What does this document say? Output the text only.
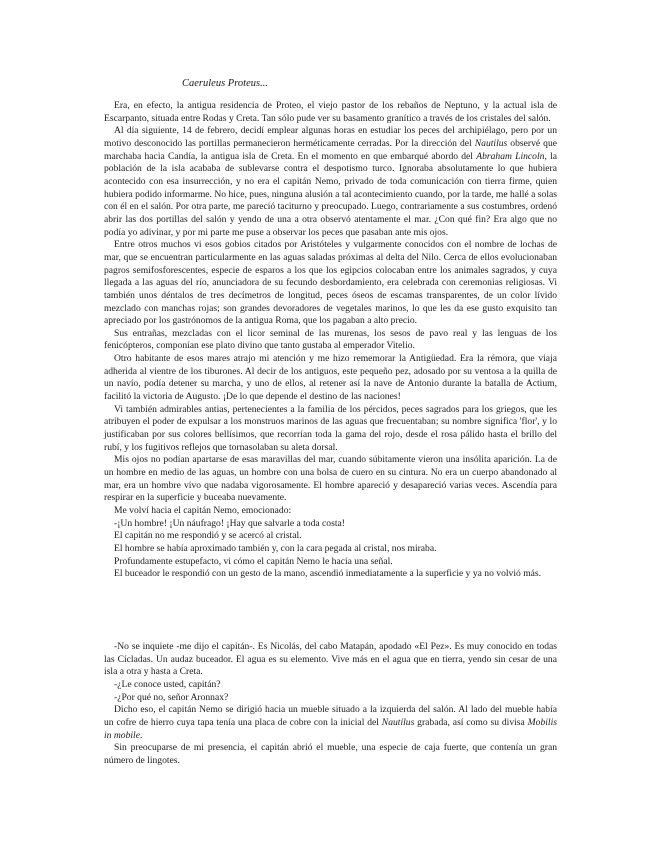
Caeruleus Proteus...

Era, en efecto, la antigua residencia de Proteo, el viejo pastor de los rebaños de Neptuno, y la actual isla de Escarpanto, situada entre Rodas y Creta. Tan sólo pude ver su basamento granítico a través de los cristales del salón.

Al día siguiente, 14 de febrero, decidí emplear algunas horas en estudiar los peces del archipiélago, pero por un motivo desconocido las portillas permanecieron herméticamente cerradas. Por la dirección del Nautilus observé que marchaba hacia Candía, la antigua isla de Creta. En el momento en que embarqué abordo del Abraham Lincoln, la población de la isla acababa de sublevarse contra el despotismo turco. Ignoraba absolutamente lo que hubiera acontecido con esa insurrección, y no era el capitán Nemo, privado de toda comunicación con tierra firme, quien hubiera podido informarme. No hice, pues, ninguna alusión a tal acontecimiento cuando, por la tarde, me hallé a solas con él en el salón. Por otra parte, me pareció taciturno y preocupado. Luego, contrariamente a sus costumbres, ordenó abrir las dos portillas del salón y yendo de una a otra observó atentamente el mar. ¿Con qué fin? Era algo que no podía yo adivinar, y por mi parte me puse a observar los peces que pasaban ante mis ojos.

Entre otros muchos vi esos gobios citados por Aristóteles y vulgarmente conocidos con el nombre de lochas de mar, que se encuentran particularmente en las aguas saladas próximas al delta del Nilo. Cerca de ellos evolucionaban pagros semifosforescentes, especie de esparos a los que los egipcios colocaban entre los animales sagrados, y cuya llegada a las aguas del río, anunciadora de su fecundo desbordamiento, era celebrada con ceremonias religiosas. Vi también unos déntalos de tres decímetros de longitud, peces óseos de escamas transparentes, de un color lívido mezclado con manchas rojas; son grandes devoradores de vegetales marinos, lo que les da ese gusto exquisito tan apreciado por los gastrónomos de la antigua Roma, que los pagaban a alto precio.

Sus entrañas, mezcladas con el licor seminal de las murenas, los sesos de pavo real y las lenguas de los fenicópteros, componían ese plato divino que tanto gustaba al emperador Vitelio.

Otro habitante de esos mares atrajo mi atención y me hizo rememorar la Antigüedad. Era la rémora, que viaja adherida al vientre de los tiburones. Al decir de los antiguos, este pequeño pez, adosado por su ventosa a la quilla de un navío, podía detener su marcha, y uno de ellos, al retener así la nave de Antonio durante la batalla de Actium, facilitó la victoria de Augusto. ¡De lo que depende el destino de las naciones!

Vi también admirables antias, pertenecientes a la familia de los pércidos, peces sagrados para los griegos, que les atribuyen el poder de expulsar a los monstruos marinos de las aguas que frecuentaban; su nombre significa 'flor', y lo justificaban por sus colores bellísimos, que recorrían toda la gama del rojo, desde el rosa pálido hasta el brillo del rubí, y los fugitivos reflejos que tornasolaban su aleta dorsal.

Mis ojos no podían apartarse de esas maravillas del mar, cuando súbitamente vieron una insólita aparición. La de un hombre en medio de las aguas, un hombre con una bolsa de cuero en su cintura. No era un cuerpo abandonado al mar, era un hombre vivo que nadaba vigorosamente. El hombre apareció y desapareció varias veces. Ascendía para respirar en la superficie y buceaba nuevamente.

Me volví hacia el capitán Nemo, emocionado:

-¡Un hombre! ¡Un náufrago! ¡Hay que salvarle a toda costa!

El capitán no me respondió y se acercó al cristal.

El hombre se había aproximado también y, con la cara pegada al cristal, nos miraba.

Profundamente estupefacto, vi cómo el capitán Nemo le hacía una señal.

El buceador le respondió con un gesto de la mano, ascendió inmediatamente a la superficie y ya no volvió más.

-No se inquiete -me dijo el capitán-. Es Nicolás, del cabo Matapán, apodado «El Pez». Es muy conocido en todas las Cícladas. Un audaz buceador. El agua es su elemento. Vive más en el agua que en tierra, yendo sin cesar de una isla a otra y hasta a Creta.

-¿Le conoce usted, capitán?

-¿Por qué no, señor Aronnax?

Dicho eso, el capitán Nemo se dirigió hacia un mueble situado a la izquierda del salón. Al lado del mueble había un cofre de hierro cuya tapa tenía una placa de cobre con la inicial del Nautilus grabada, así como su divisa Mobilis in mobile.

Sin preocuparse de mi presencia, el capitán abrió el mueble, una especie de caja fuerte, que contenía un gran número de lingotes.
